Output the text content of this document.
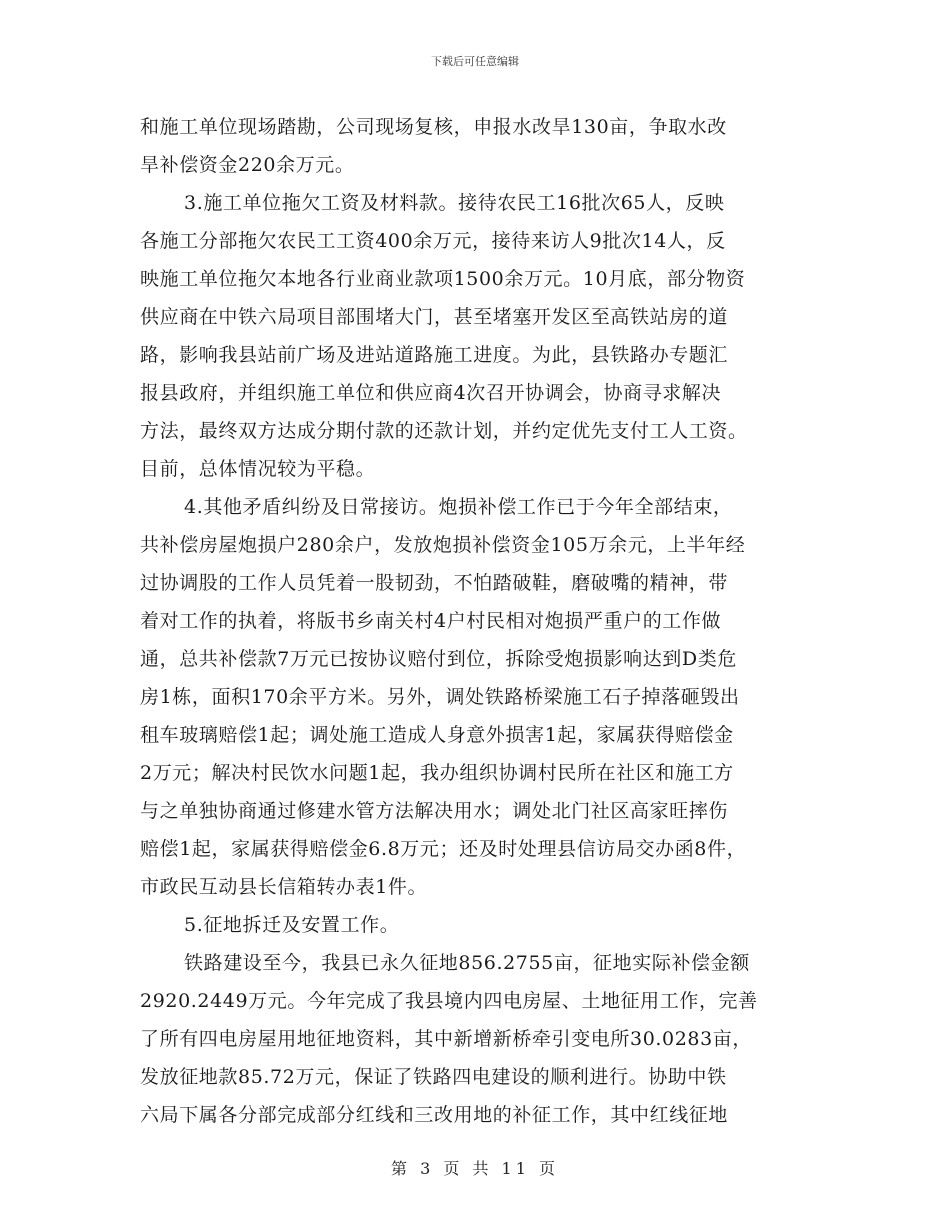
下载后可任意编辑
和施工单位现场踏勘，公司现场复核，申报水改旱130亩，争取水改
旱补偿资金220余万元。
3.施工单位拖欠工资及材料款。接待农民工16批次65人，反映
各施工分部拖欠农民工工资400余万元，接待来访人9批次14人，反
映施工单位拖欠本地各行业商业款项1500余万元。10月底，部分物资
供应商在中铁六局项目部围堵大门，甚至堵塞开发区至高铁站房的道
路，影响我县站前广场及进站道路施工进度。为此，县铁路办专题汇
报县政府，并组织施工单位和供应商4次召开协调会，协商寻求解决
方法，最终双方达成分期付款的还款计划，并约定优先支付工人工资。
目前，总体情况较为平稳。
4.其他矛盾纠纷及日常接访。炮损补偿工作已于今年全部结束，
共补偿房屋炮损户280余户，发放炮损补偿资金105万余元，上半年经
过协调股的工作人员凭着一股韧劲，不怕踏破鞋，磨破嘴的精神，带
着对工作的执着，将版书乡南关村4户村民相对炮损严重户的工作做
通，总共补偿款7万元已按协议赔付到位，拆除受炮损影响达到D类危
房1栋，面积170余平方米。另外，调处铁路桥梁施工石子掉落砸毁出
租车玻璃赔偿1起；调处施工造成人身意外损害1起，家属获得赔偿金
2万元；解决村民饮水问题1起，我办组织协调村民所在社区和施工方
与之单独协商通过修建水管方法解决用水；调处北门社区高家旺摔伤
赔偿1起，家属获得赔偿金6.8万元；还及时处理县信访局交办函8件，
市政民互动县长信箱转办表1件。
5.征地拆迁及安置工作。
铁路建设至今，我县已永久征地856.2755亩，征地实际补偿金额
2920.2449万元。今年完成了我县境内四电房屋、土地征用工作，完善
了所有四电房屋用地征地资料，其中新增新桥牵引变电所30.0283亩，
发放征地款85.72万元，保证了铁路四电建设的顺利进行。协助中铁
六局下属各分部完成部分红线和三改用地的补征工作，其中红线征地
第 3 页 共 11 页
